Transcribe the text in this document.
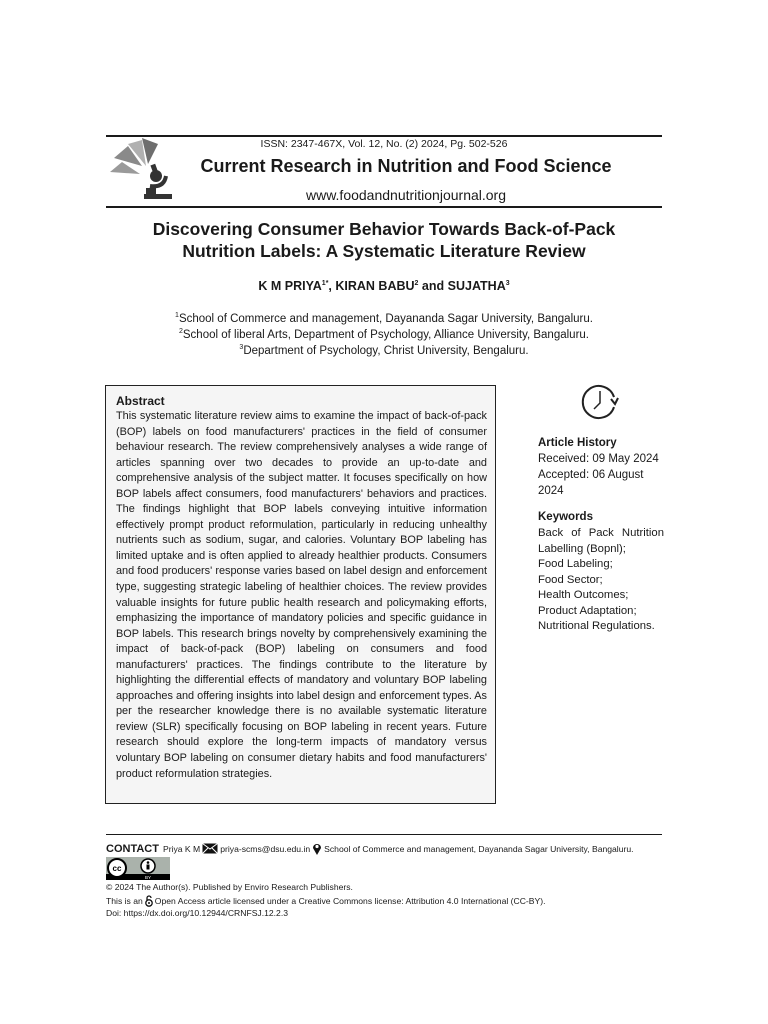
ISSN: 2347-467X, Vol. 12, No. (2) 2024, Pg. 502-526
Current Research in Nutrition and Food Science
www.foodandnutritionjournal.org
Discovering Consumer Behavior Towards Back-of-Pack
Nutrition Labels: A Systematic Literature Review
K M $PRIYA^{1*}$, KIRAN BABU$^2$ and SUJATHA$^3$
$^1$School of Commerce and management, Dayananda Sagar University, Bangaluru.
$^2$School of liberal Arts, Department of Psychology, Alliance University, Bangaluru.
$^3$Department of Psychology, Christ University, Bengaluru.
Abstract
This systematic literature review aims to examine the impact of back-of-pack (BOP) labels on food manufacturers' practices in the field of consumer behaviour research. The review comprehensively analyses a wide range of articles spanning over two decades to provide an up-to-date and comprehensive analysis of the subject matter. It focuses specifically on how BOP labels affect consumers, food manufacturers' behaviors and practices. The findings highlight that BOP labels conveying intuitive information effectively prompt product reformulation, particularly in reducing unhealthy nutrients such as sodium, sugar, and calories. Voluntary BOP labeling has limited uptake and is often applied to already healthier products. Consumers and food producers' response varies based on label design and enforcement type, suggesting strategic labeling of healthier choices. The review provides valuable insights for future public health research and policymaking efforts, emphasizing the importance of mandatory policies and specific guidance in BOP labels. This research brings novelty by comprehensively examining the impact of back-of-pack (BOP) labeling on consumers and food manufacturers' practices. The findings contribute to the literature by highlighting the differential effects of mandatory and voluntary BOP labeling approaches and offering insights into label design and enforcement types. As per the researcher knowledge there is no available systematic literature review (SLR) specifically focusing on BOP labeling in recent years. Future research should explore the long-term impacts of mandatory versus voluntary BOP labeling on consumer dietary habits and food manufacturers' product reformulation strategies.
Article History
Received: 09 May 2024
Accepted: 06 August 2024
Keywords
Back of Pack Nutrition Labelling (Bopnl);
Food Labeling;
Food Sector;
Health Outcomes;
Product Adaptation;
Nutritional Regulations.
CONTACT Priya K M priya-scms@dsu.edu.in School of Commerce and management, Dayananda Sagar University, Bangaluru.
cc
BY
© 2024 The Author(s). Published by Enviro Research Publishers.
This is an Open Access article licensed under a Creative Commons license: Attribution 4.0 International (CC-BY).
Doi: https://dx.doi.org/10.12944/CRNFSJ.12.2.3
